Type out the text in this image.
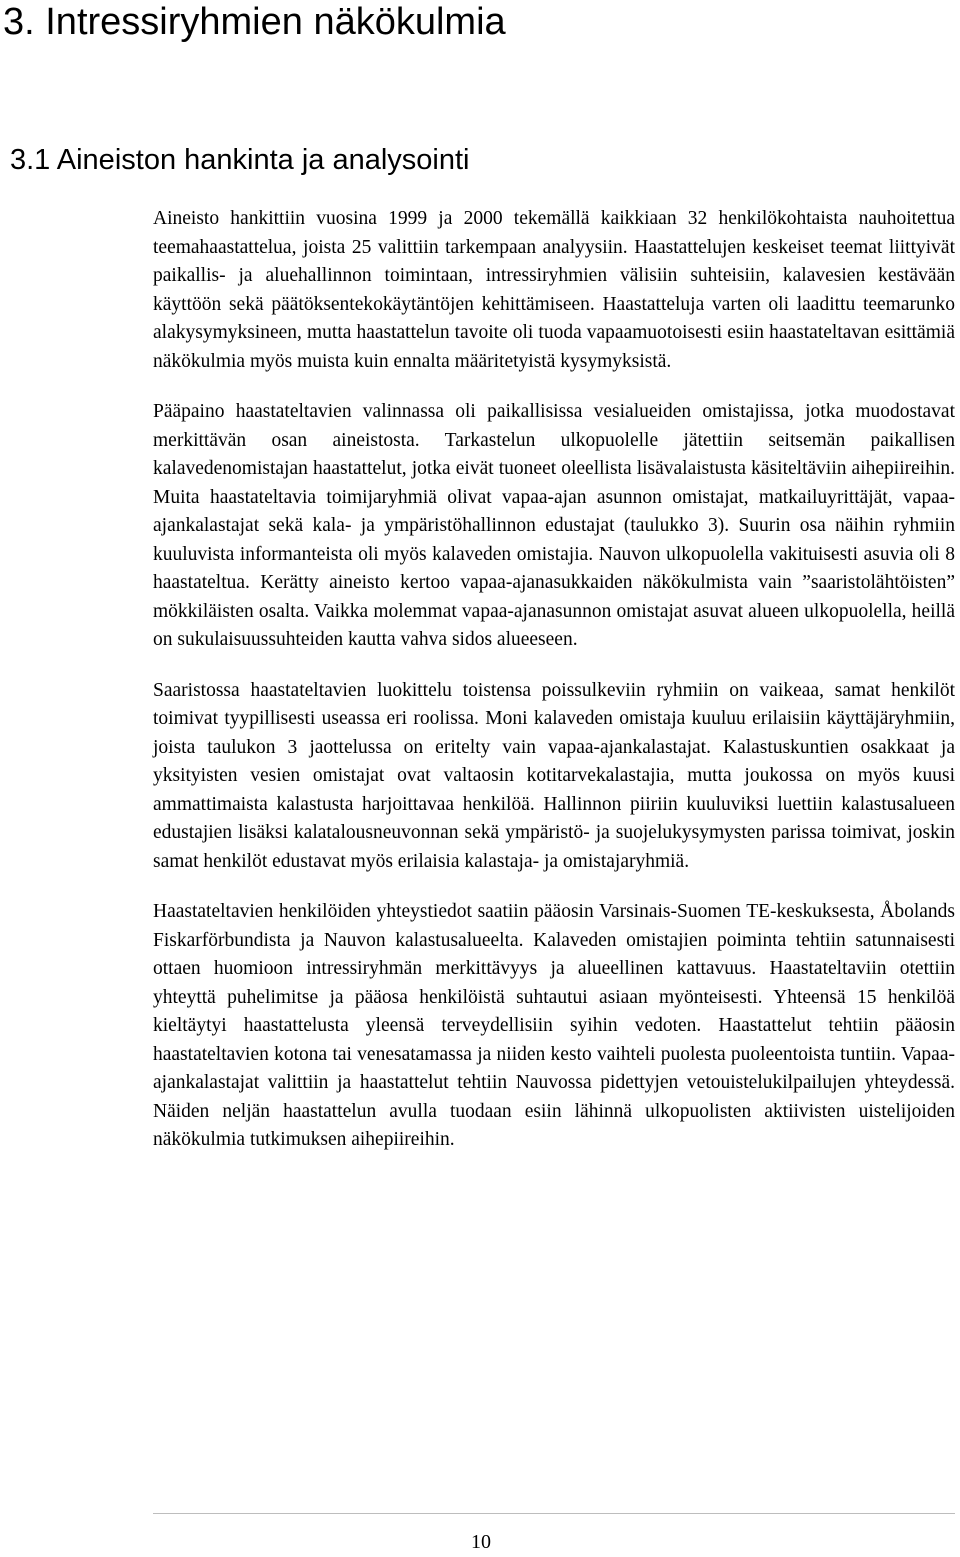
3. Intressiryhmien näkökulmia
3.1 Aineiston hankinta ja analysointi

Aineisto hankittiin vuosina 1999 ja 2000 tekemällä kaikkiaan 32 henkilökohtaista nauhoitettua teemahaastattelua, joista 25 valittiin tarkempaan analyysiin. Haastattelujen keskeiset teemat liittyivät paikallis- ja aluehallinnon toimintaan, intressiryhmien välisiin suhteisiin, kalavesien kestävään käyttöön sekä päätöksentekokäytäntöjen kehittämiseen. Haastatteluja varten oli laadittu teemarunko alakysymyksineen, mutta haastattelun tavoite oli tuoda vapaamuotoisesti esiin haastateltavan esittämiä näkökulmia myös muista kuin ennalta määritetyistä kysymyksistä.

Pääpaino haastateltavien valinnassa oli paikallisissa vesialueiden omistajissa, jotka muodostavat merkittävän osan aineistosta. Tarkastelun ulkopuolelle jätettiin seitsemän paikallisen kalavedenomistajan haastattelut, jotka eivät tuoneet oleellista lisävalaistusta käsiteltäviin aihepiireihin. Muita haastateltavia toimijaryhmiä olivat vapaa-ajan asunnon omistajat, matkailuyrittäjät, vapaa-ajankalastajat sekä kala- ja ympäristöhallinnon edustajat (taulukko 3). Suurin osa näihin ryhmiin kuuluvista informanteista oli myös kalaveden omistajia. Nauvon ulkopuolella vakituisesti asuvia oli 8 haastateltua. Kerätty aineisto kertoo vapaa-ajanasukkaiden näkökulmista vain ”saaristolähtöisten” mökkiläisten osalta. Vaikka molemmat vapaa-ajanasunnon omistajat asuvat alueen ulkopuolella, heillä on sukulaisuussuhteiden kautta vahva sidos alueeseen.

Saaristossa haastateltavien luokittelu toistensa poissulkeviin ryhmiin on vaikeaa, samat henkilöt toimivat tyypillisesti useassa eri roolissa. Moni kalaveden omistaja kuuluu erilaisiin käyttäjäryhmiin, joista taulukon 3 jaottelussa on eritelty vain vapaa-ajankalastajat. Kalastuskuntien osakkaat ja yksityisten vesien omistajat ovat valtaosin kotitarvekalastajia, mutta joukossa on myös kuusi ammattimaista kalastusta harjoittavaa henkilöä. Hallinnon piiriin kuuluviksi luettiin kalastusalueen edustajien lisäksi kalatalousneuvonnan sekä ympäristö- ja suojelukysymysten parissa toimivat, joskin samat henkilöt edustavat myös erilaisia kalastaja- ja omistajaryhmiä.

Haastateltavien henkilöiden yhteystiedot saatiin pääosin Varsinais-Suomen TE-keskuksesta, Åbolands Fiskarförbundista ja Nauvon kalastusalueelta. Kalaveden omistajien poiminta tehtiin satunnaisesti ottaen huomioon intressiryhmän merkittävyys ja alueellinen kattavuus. Haastateltaviin otettiin yhteyttä puhelimitse ja pääosa henkilöistä suhtautui asiaan myönteisesti. Yhteensä 15 henkilöä kieltäytyi haastattelusta yleensä terveydellisiin syihin vedoten. Haastattelut tehtiin pääosin haastateltavien kotona tai venesatamassa ja niiden kesto vaihteli puolesta puoleentoista tuntiin. Vapaa-ajankalastajat valittiin ja haastattelut tehtiin Nauvossa pidettyjen vetouistelukilpailujen yhteydessä. Näiden neljän haastattelun avulla tuodaan esiin lähinnä ulkopuolisten aktiivisten uistelijoiden näkökulmia tutkimuksen aihepiireihin.

10
